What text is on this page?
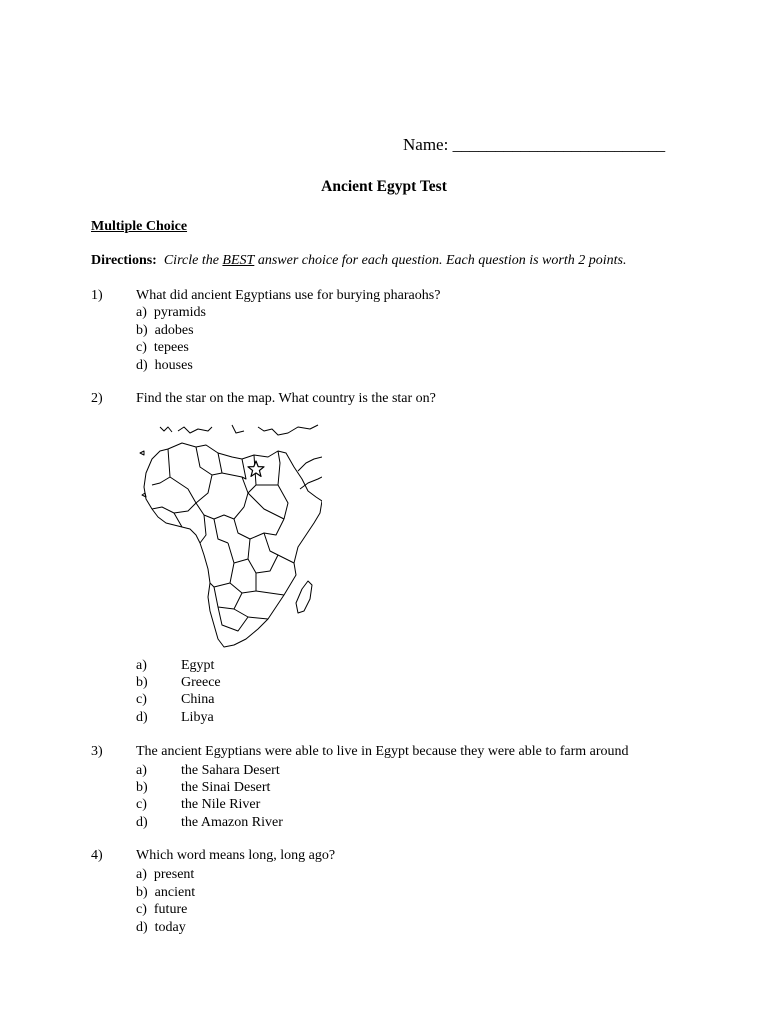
Name: _________________________
Ancient Egypt Test
Multiple Choice
Directions: Circle the BEST answer choice for each question. Each question is worth 2 points.
1) What did ancient Egyptians use for burying pharaohs?
a) pyramids
b) adobes
c) tepees
d) houses
2) Find the star on the map. What country is the star on?
a) Egypt
b) Greece
c) China
d) Libya
3) The ancient Egyptians were able to live in Egypt because they were able to farm around
a) the Sahara Desert
b) the Sinai Desert
c) the Nile River
d) the Amazon River
4) Which word means long, long ago?
a) present
b) ancient
c) future
d) today
